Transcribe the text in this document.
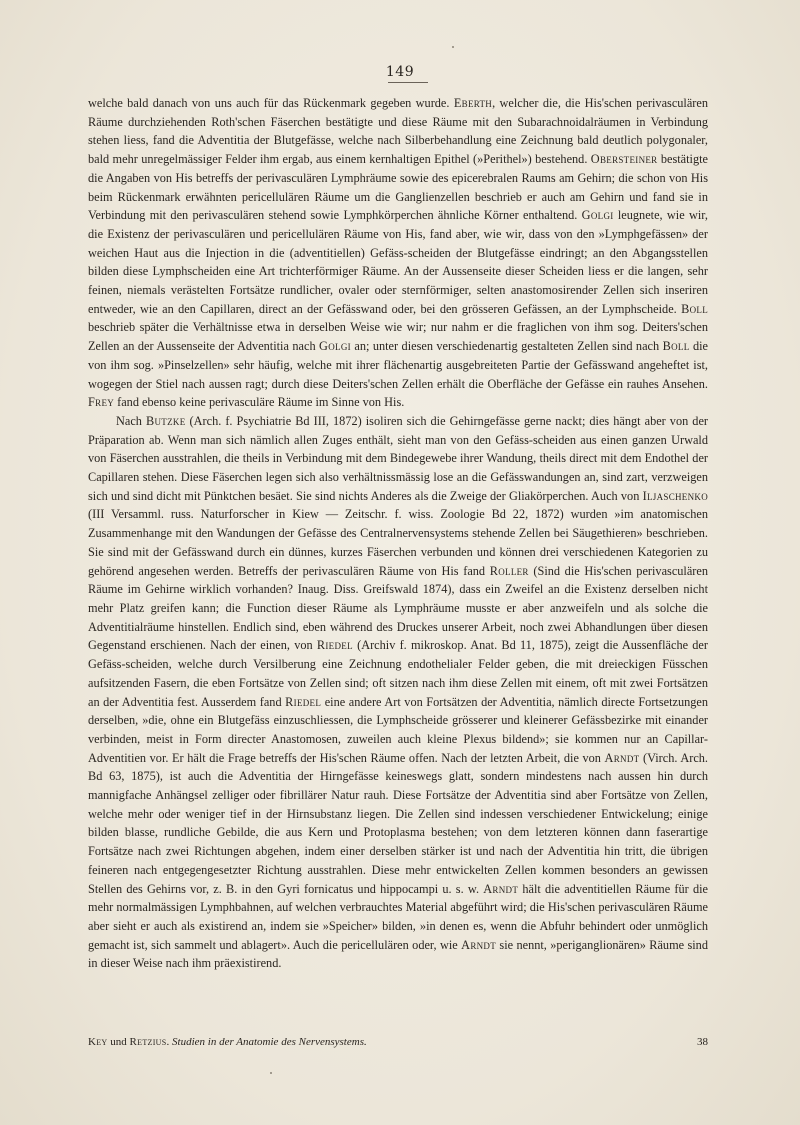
149

welche bald danach von uns auch für das Rückenmark gegeben wurde. Eberth, welcher die, die His'schen perivasculären Räume durchziehenden Roth'schen Fäserchen bestätigte und diese Räume mit den Subarachnoidalräumen in Verbindung stehen liess, fand die Adventitia der Blutgefässe, welche nach Silberbehandlung eine Zeichnung bald deutlich polygonaler, bald mehr unregelmässiger Felder ihm ergab, aus einem kernhaltigen Epithel (»Perithel») bestehend. Obersteiner bestätigte die Angaben von His betreffs der perivasculären Lymphräume sowie des epicerebralen Raums am Gehirn; die schon von His beim Rückenmark erwähnten pericellulären Räume um die Ganglienzellen beschrieb er auch am Gehirn und fand sie in Verbindung mit den perivasculären stehend sowie Lymphkörperchen ähnliche Körner enthaltend. Golgi leugnete, wie wir, die Existenz der perivasculären und pericellulären Räume von His, fand aber, wie wir, dass von den »Lymphgefässen» der weichen Haut aus die Injection in die (adventitiellen) Gefäss-scheiden der Blutgefässe eindringt; an den Abgangsstellen bilden diese Lymphscheiden eine Art trichterförmiger Räume. An der Aussenseite dieser Scheiden liess er die langen, sehr feinen, niemals verästelten Fortsätze rundlicher, ovaler oder sternförmiger, selten anastomosirender Zellen sich inseriren entweder, wie an den Capillaren, direct an der Gefässwand oder, bei den grösseren Gefässen, an der Lymphscheide. Boll beschrieb später die Verhältnisse etwa in derselben Weise wie wir; nur nahm er die fraglichen von ihm sog. Deiters'schen Zellen an der Aussenseite der Adventitia nach Golgi an; unter diesen verschiedenartig gestalteten Zellen sind nach Boll die von ihm sog. »Pinselzellen» sehr häufig, welche mit ihrer flächenartig ausgebreiteten Partie der Gefässwand angeheftet ist, wogegen der Stiel nach aussen ragt; durch diese Deiters'schen Zellen erhält die Oberfläche der Gefässe ein rauhes Ansehen. Frey fand ebenso keine perivasculäre Räume im Sinne von His.

Nach Butzke (Arch. f. Psychiatrie Bd III, 1872) isoliren sich die Gehirngefässe gerne nackt; dies hängt aber von der Präparation ab. Wenn man sich nämlich allen Zuges enthält, sieht man von den Gefäss-scheiden aus einen ganzen Urwald von Fäserchen ausstrahlen, die theils in Verbindung mit dem Bindegewebe ihrer Wandung, theils direct mit dem Endothel der Capillaren stehen. Diese Fäserchen legen sich also verhältnissmässig lose an die Gefässwandungen an, sind zart, verzweigen sich und sind dicht mit Pünktchen besäet. Sie sind nichts Anderes als die Zweige der Gliakörperchen. Auch von Iljaschenko (III Versamml. russ. Naturforscher in Kiew — Zeitschr. f. wiss. Zoologie Bd 22, 1872) wurden »im anatomischen Zusammenhange mit den Wandungen der Gefässe des Centralnervensystems stehende Zellen bei Säugethieren» beschrieben. Sie sind mit der Gefässwand durch ein dünnes, kurzes Fäserchen verbunden und können drei verschiedenen Kategorien zu gehörend angesehen werden. Betreffs der perivasculären Räume von His fand Roller (Sind die His'schen perivasculären Räume im Gehirne wirklich vorhanden? Inaug. Diss. Greifswald 1874), dass ein Zweifel an die Existenz derselben nicht mehr Platz greifen kann; die Function dieser Räume als Lymphräume musste er aber anzweifeln und als solche die Adventitialräume hinstellen. Endlich sind, eben während des Druckes unserer Arbeit, noch zwei Abhandlungen über diesen Gegenstand erschienen. Nach der einen, von Riedel (Archiv f. mikroskop. Anat. Bd 11, 1875), zeigt die Aussenfläche der Gefäss-scheiden, welche durch Versilberung eine Zeichnung endothelialer Felder geben, die mit dreieckigen Füsschen aufsitzenden Fasern, die eben Fortsätze von Zellen sind; oft sitzen nach ihm diese Zellen mit einem, oft mit zwei Fortsätzen an der Adventitia fest. Ausserdem fand Riedel eine andere Art von Fortsätzen der Adventitia, nämlich directe Fortsetzungen derselben, »die, ohne ein Blutgefäss einzuschliessen, die Lymphscheide grösserer und kleinerer Gefässbezirke mit einander verbinden, meist in Form directer Anastomosen, zuweilen auch kleine Plexus bildend»; sie kommen nur an Capillar-Adventitien vor. Er hält die Frage betreffs der His'schen Räume offen. Nach der letzten Arbeit, die von Arndt (Virch. Arch. Bd 63, 1875), ist auch die Adventitia der Hirngefässe keineswegs glatt, sondern mindestens nach aussen hin durch mannigfache Anhängsel zelliger oder fibrillärer Natur rauh. Diese Fortsätze der Adventitia sind aber Fortsätze von Zellen, welche mehr oder weniger tief in der Hirnsubstanz liegen. Die Zellen sind indessen verschiedener Entwickelung; einige bilden blasse, rundliche Gebilde, die aus Kern und Protoplasma bestehen; von dem letzteren können dann faserartige Fortsätze nach zwei Richtungen abgehen, indem einer derselben stärker ist und nach der Adventitia hin tritt, die übrigen feineren nach entgegengesetzter Richtung ausstrahlen. Diese mehr entwickelten Zellen kommen besonders an gewissen Stellen des Gehirns vor, z. B. in den Gyri fornicatus und hippocampi u. s. w. Arndt hält die adventitiellen Räume für die mehr normalmässigen Lymphbahnen, auf welchen verbrauchtes Material abgeführt wird; die His'schen perivasculären Räume aber sieht er auch als existirend an, indem sie »Speicher» bilden, »in denen es, wenn die Abfuhr behindert oder unmöglich gemacht ist, sich sammelt und ablagert». Auch die pericellulären oder, wie Arndt sie nennt, »periganglionären» Räume sind in dieser Weise nach ihm präexistirend.

Key und Retzius. Studien in der Anatomie des Nervensystems.	38
